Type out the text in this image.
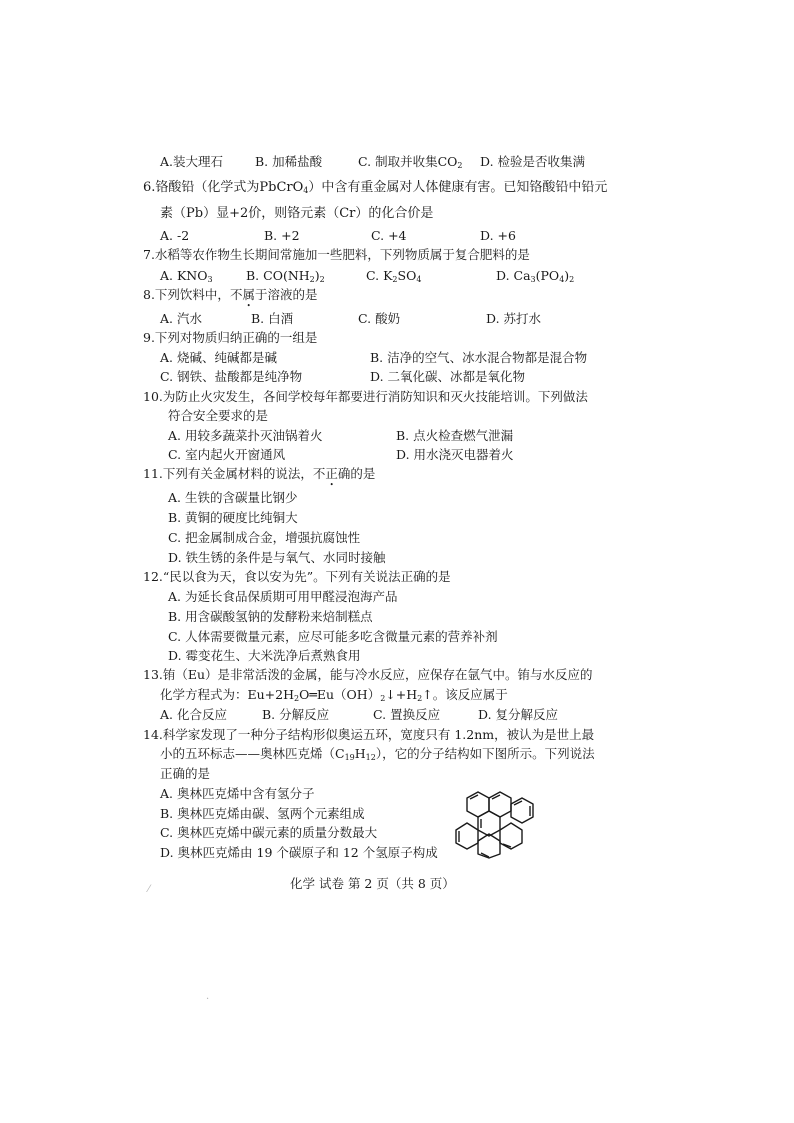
A.装大理石	B. 加稀盐酸	C. 制取并收集$CO_2$ D. 检验是否收集满
6.铬酸铅（化学式为PbCrO$_4$）中含有重金属对人体健康有害。已知铬酸铅中铅元
素（Pb）显+2价，则铬元素（Cr）的化合价是
A. -2	B. +2	C. +4	D. +6
7.水稻等农作物生长期间常施加一些肥料，下列物质属于复合肥料的是
A. $KNO_3$	B. $CO(NH_2)_2$	C. $K_2SO_4$	D. $Ca_3(PO_4)_2$
8.下列饮料中，不属于溶液的是
A. 汽水	B. 白酒	C. 酸奶	D. 苏打水
9.下列对物质归纳正确的一组是
A. 烧碱、纯碱都是碱	B. 洁净的空气、冰水混合物都是混合物
C. 钢铁、盐酸都是纯净物	D. 二氧化碳、冰都是氧化物
10.为防止火灾发生，各间学校每年都要进行消防知识和灭火技能培训。下列做法
符合安全要求的是
A. 用较多蔬菜扑灭油锅着火	B. 点火检查燃气泄漏
C. 室内起火开窗通风	D. 用水浇灭电器着火
11.下列有关金属材料的说法，不正确的是
A. 生铁的含碳量比钢少
B. 黄铜的硬度比纯铜大
C. 把金属制成合金，增强抗腐蚀性
D. 铁生锈的条件是与氧气、水同时接触
12.“民以食为天，食以安为先”。下列有关说法正确的是
A. 为延长食品保质期可用甲醛浸泡海产品
B. 用含碳酸氢钠的发酵粉来焙制糕点
C. 人体需要微量元素，应尽可能多吃含微量元素的营养补剂
D. 霉变花生、大米洗净后煮熟食用
13.铕（Eu）是非常活泼的金属，能与冷水反应，应保存在氩气中。铕与水反应的
化学方程式为：$Eu+2H_2O═Eu(OH)_2↓+H_2↑$。该反应属于
A. 化合反应	B. 分解反应	C. 置换反应	D. 复分解反应
14.科学家发现了一种分子结构形似奥运五环，宽度只有 1.2nm，被认为是世上最
小的五环标志——奥林匹克烯$(C_{19}H_{12})$，它的分子结构如下图所示。下列说法
正确的是
A. 奥林匹克烯中含有氢分子
B. 奥林匹克烯由碳、氢两个元素组成
C. 奥林匹克烯中碳元素的质量分数最大
D. 奥林匹克烯由 19 个碳原子和 12 个氢原子构成
化学 试卷 第 2 页（共 8 页）
⁄
·
